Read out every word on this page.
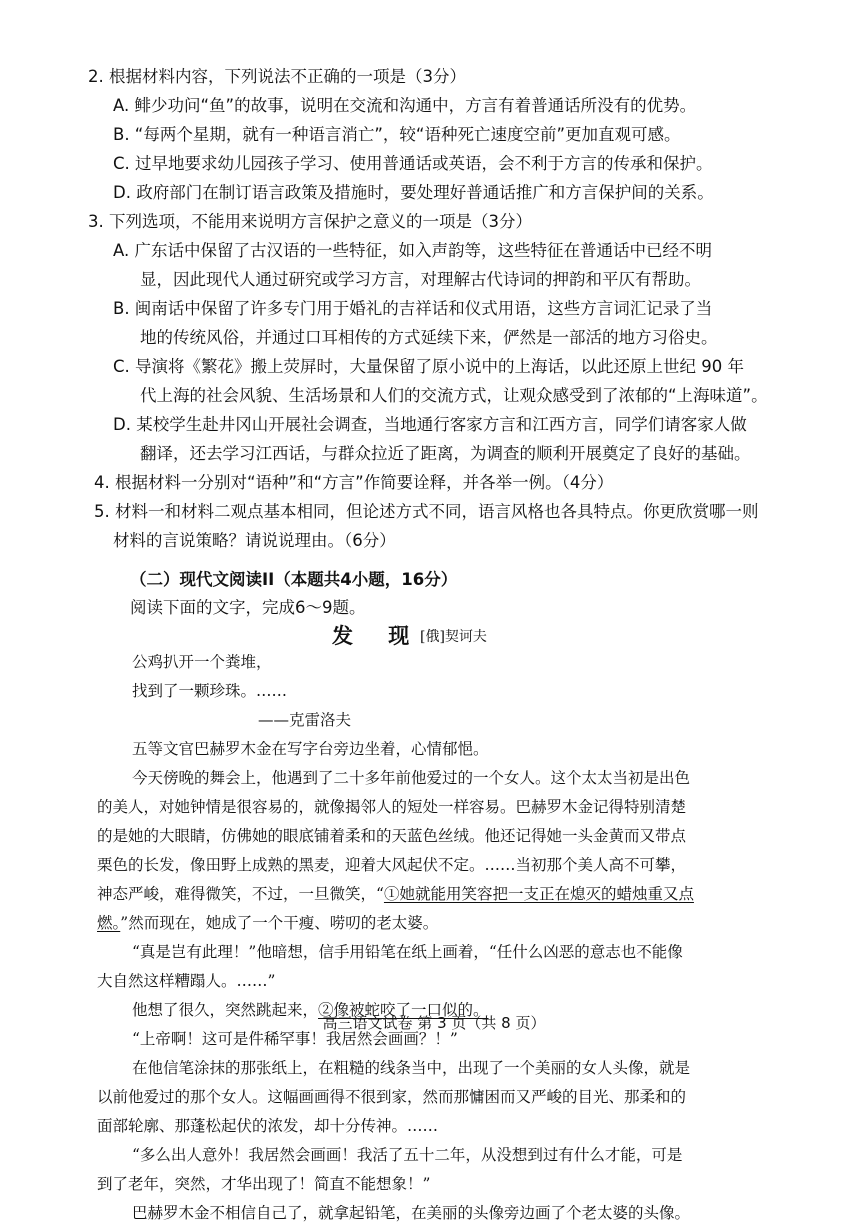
高三语文试卷 第 3 页（共 8 页）
2. 根据材料内容，下列说法不正确的一项是（3分）
A. 鲱少功问“鱼”的故事，说明在交流和沟通中，方言有着普通话所没有的优势。
B. “每两个星期，就有一种语言消亡”，较“语种死亡速度空前”更加直观可感。
C. 过早地要求幼儿园孩子学习、使用普通话或英语，会不利于方言的传承和保护。
D. 政府部门在制订语言政策及措施时，要处理好普通话推广和方言保护间的关系。
3. 下列选项，不能用来说明方言保护之意义的一项是（3分）
A. 广东话中保留了古汉语的一些特征，如入声韵等，这些特征在普通话中已经不明
显，因此现代人通过研究或学习方言，对理解古代诗词的押韵和平仄有帮助。
B. 闽南话中保留了许多专门用于婚礼的吉祥话和仪式用语，这些方言词汇记录了当
地的传统风俗，并通过口耳相传的方式延续下来，俨然是一部活的地方习俗史。
C. 导演将《繁花》搬上荧屏时，大量保留了原小说中的上海话，以此还原上世纪 90 年
代上海的社会风貌、生活场景和人们的交流方式，让观众感受到了浓郁的“上海味道”。
D. 某校学生赴井冈山开展社会调查，当地通行客家方言和江西方言，同学们请客家人做
翻译，还去学习江西话，与群众拉近了距离，为调查的顺利开展奠定了良好的基础。
4. 根据材料一分别对“语种”和“方言”作简要诠释，并各举一例。（4分）
5. 材料一和材料二观点基本相同，但论述方式不同，语言风格也各具特点。你更欣赏哪一则
材料的言说策略？请说说理由。（6分）
（二）现代文阅读II（本题共4小题，16分）
阅读下面的文字，完成6～9题。
发 现
[俄]契诃夫
公鸡扒开一个粪堆，
找到了一颗珍珠。……
——克雷洛夫
五等文官巴赫罗木金在写字台旁边坐着，心情郁悒。
今天傍晚的舞会上，他遇到了二十多年前他爱过的一个女人。这个太太当初是出色
的美人，对她钟情是很容易的，就像揭邻人的短处一样容易。巴赫罗木金记得特别清楚
的是她的大眼睛，仿佛她的眼底铺着柔和的天蓝色丝绒。他还记得她一头金黄而又带点
栗色的长发，像田野上成熟的黑麦，迎着大风起伏不定。……当初那个美人高不可攀，
神态严峻，难得微笑，不过，一旦微笑，“①她就能用笑容把一支正在熄灭的蜡烛重又点
燃。”然而现在，她成了一个干瘦、唠叨的老太婆。
“真是岂有此理！”他暗想，信手用铅笔在纸上画着，“任什么凶恶的意志也不能像
大自然这样糟蹋人。……”
他想了很久，突然跳起来，②像被蛇咬了一口似的。
“上帝啊！这可是件稀罕事！我居然会画画？！”
在他信笔涂抹的那张纸上，在粗糙的线条当中，出现了一个美丽的女人头像，就是
以前他爱过的那个女人。这幅画画得不很到家，然而那慵困而又严峻的目光、那柔和的
面部轮廓、那蓬松起伏的浓发，却十分传神。……
“多么出人意外！我居然会画画！我活了五十二年，从没想到过有什么才能，可是
到了老年，突然，才华出现了！简直不能想象！”
巴赫罗木金不相信自己了，就拿起铅笔，在美丽的头像旁边画了个老太婆的头像。
